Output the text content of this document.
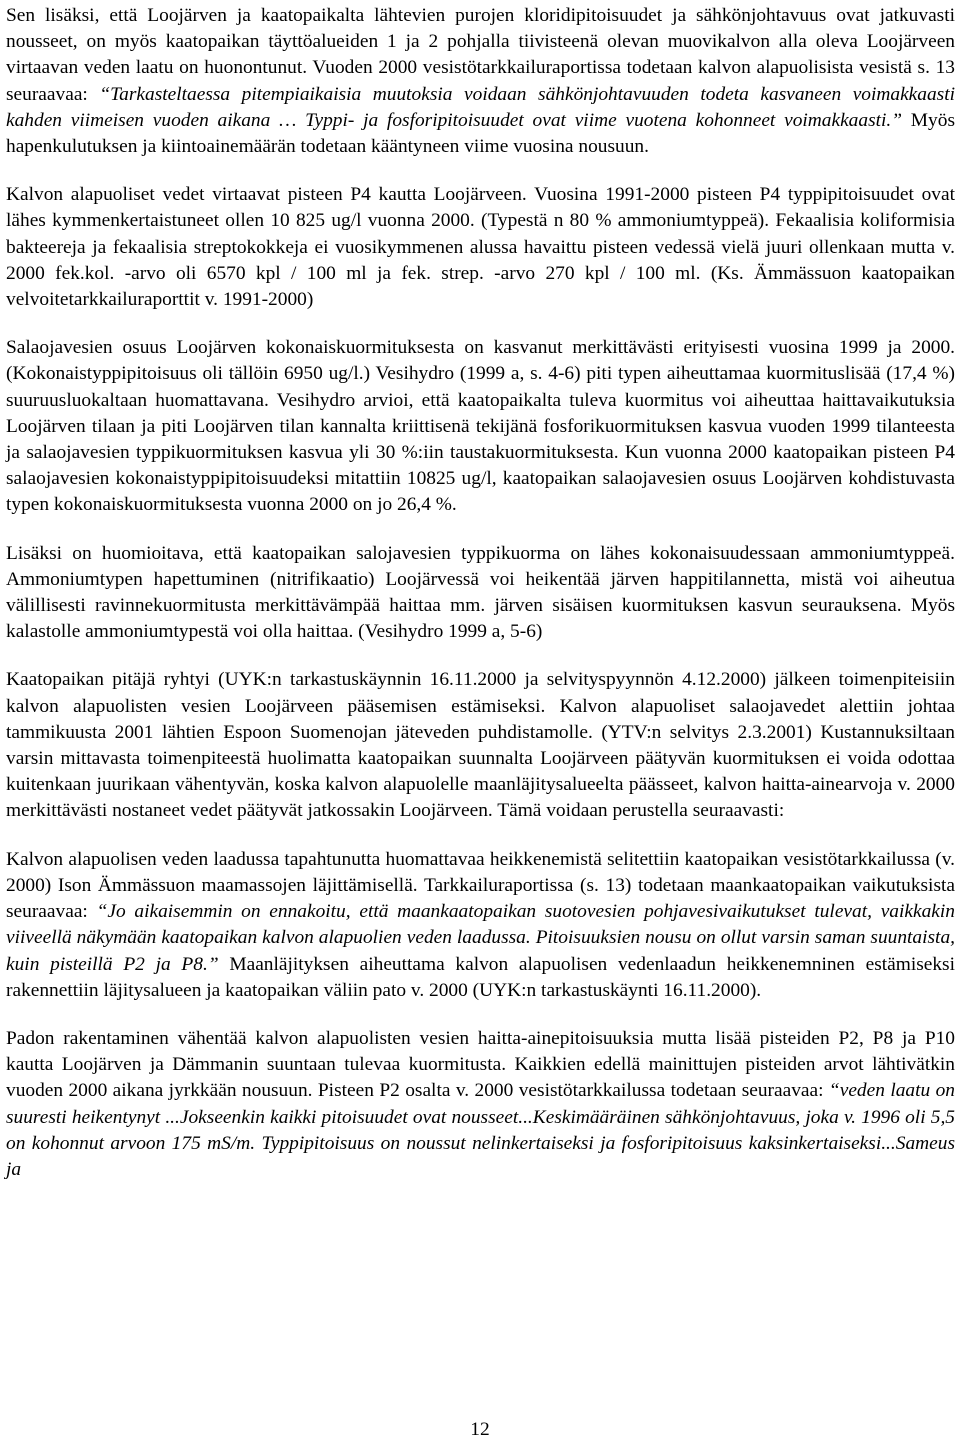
Sen lisäksi, että Loojärven ja kaatopaikalta lähtevien purojen kloridipitoisuudet ja sähkönjohtavuus ovat jatkuvasti nousseet, on myös kaatopaikan täyttöalueiden 1 ja 2 pohjalla tiivisteenä olevan muovikalvon alla oleva Loojärveen virtaavan veden laatu on huonontunut. Vuoden 2000 vesistötarkkailuraportissa todetaan kalvon alapuolisista vesistä s. 13 seuraavaa: “Tarkasteltaessa pitempiaikaisia muutoksia voidaan sähkönjohtavuuden todeta kasvaneen voimakkaasti kahden viimeisen vuoden aikana … Typpi- ja fosforipitoisuudet ovat viime vuotena kohonneet voimakkaasti.” Myös hapenkulutuksen ja kiintoainemäärän todetaan kääntyneen viime vuosina nousuun.

Kalvon alapuoliset vedet virtaavat pisteen P4 kautta Loojärveen. Vuosina 1991-2000 pisteen P4 typpipitoisuudet ovat lähes kymmenkertaistuneet ollen 10 825 ug/l vuonna 2000. (Typestä n 80 % ammoniumtyppeä). Fekaalisia koliformisia bakteereja ja fekaalisia streptokokkeja ei vuosikymmenen alussa havaittu pisteen vedessä vielä juuri ollenkaan mutta v. 2000 fek.kol. -arvo oli 6570 kpl / 100 ml ja fek. strep. -arvo 270 kpl / 100 ml. (Ks. Ämmässuon kaatopaikan velvoitetarkkailuraporttit v. 1991-2000)

Salaojavesien osuus Loojärven kokonaiskuormituksesta on kasvanut merkittävästi erityisesti vuosina 1999 ja 2000. (Kokonaistyppipitoisuus oli tällöin 6950 ug/l.) Vesihydro (1999 a, s. 4-6) piti typen aiheuttamaa kuormituslisää (17,4 %) suuruusluokaltaan huomattavana. Vesihydro arvioi, että kaatopaikalta tuleva kuormitus voi aiheuttaa haittavaikutuksia Loojärven tilaan ja piti Loojärven tilan kannalta kriittisenä tekijänä fosforikuormituksen kasvua vuoden 1999 tilanteesta ja salaojavesien typpikuormituksen kasvua yli 30 %:iin taustakuormituksesta. Kun vuonna 2000 kaatopaikan pisteen P4 salaojavesien kokonaistyppipitoisuudeksi mitattiin 10825 ug/l, kaatopaikan salaojavesien osuus Loojärven kohdistuvasta typen kokonaiskuormituksesta vuonna 2000 on jo 26,4 %.

Lisäksi on huomioitava, että kaatopaikan salojavesien typpikuorma on lähes kokonaisuudessaan ammoniumtyppeä. Ammoniumtypen hapettuminen (nitrifikaatio) Loojärvessä voi heikentää järven happitilannetta, mistä voi aiheutua välillisesti ravinnekuormitusta merkittävämpää haittaa mm. järven sisäisen kuormituksen kasvun seurauksena. Myös kalastolle ammoniumtypestä voi olla haittaa. (Vesihydro 1999 a, 5-6)

Kaatopaikan pitäjä ryhtyi (UYK:n tarkastuskäynnin 16.11.2000 ja selvityspyynnön 4.12.2000) jälkeen toimenpiteisiin kalvon alapuolisten vesien Loojärveen pääsemisen estämiseksi. Kalvon alapuoliset salaojavedet alettiin johtaa tammikuusta 2001 lähtien Espoon Suomenojan jäteveden puhdistamolle. (YTV:n selvitys 2.3.2001) Kustannuksiltaan varsin mittavasta toimenpiteestä huolimatta kaatopaikan suunnalta Loojärveen päätyvän kuormituksen ei voida odottaa kuitenkaan juurikaan vähentyvän, koska kalvon alapuolelle maanläjitysalueelta päässeet, kalvon haitta-ainearvoja v. 2000 merkittävästi nostaneet vedet päätyvät jatkossakin Loojärveen. Tämä voidaan perustella seuraavasti:

Kalvon alapuolisen veden laadussa tapahtunutta huomattavaa heikkenemistä selitettiin kaatopaikan vesistötarkkailussa (v. 2000) Ison Ämmässuon maamassojen läjittämisellä. Tarkkailuraportissa (s. 13) todetaan maankaatopaikan vaikutuksista seuraavaa: “Jo aikaisemmin on ennakoitu, että maankaatopaikan suotovesien pohjavesivaikutukset tulevat, vaikkakin viiveellä näkymään kaatopaikan kalvon alapuolien veden laadussa. Pitoisuuksien nousu on ollut varsin saman suuntaista, kuin pisteillä P2 ja P8.” Maanläjityksen aiheuttama kalvon alapuolisen vedenlaadun heikkenemninen estämiseksi rakennettiin läjitysalueen ja kaatopaikan väliin pato v. 2000 (UYK:n tarkastuskäynti 16.11.2000).

Padon rakentaminen vähentää kalvon alapuolisten vesien haitta-ainepitoisuuksia mutta lisää pisteiden P2, P8 ja P10 kautta Loojärven ja Dämmanin suuntaan tulevaa kuormitusta. Kaikkien edellä mainittujen pisteiden arvot lähtivätkin vuoden 2000 aikana jyrkkään nousuun. Pisteen P2 osalta v. 2000 vesistötarkkailussa todetaan seuraavaa: “veden laatu on suuresti heikentynyt ...Jokseenkin kaikki pitoisuudet ovat nousseet...Keskimääräinen sähkönjohtavuus, joka v. 1996 oli 5,5 on kohonnut arvoon 175 mS/m. Typpipitoisuus on noussut nelinkertaiseksi ja fosforipitoisuus kaksinkertaiseksi...Sameus ja

12
